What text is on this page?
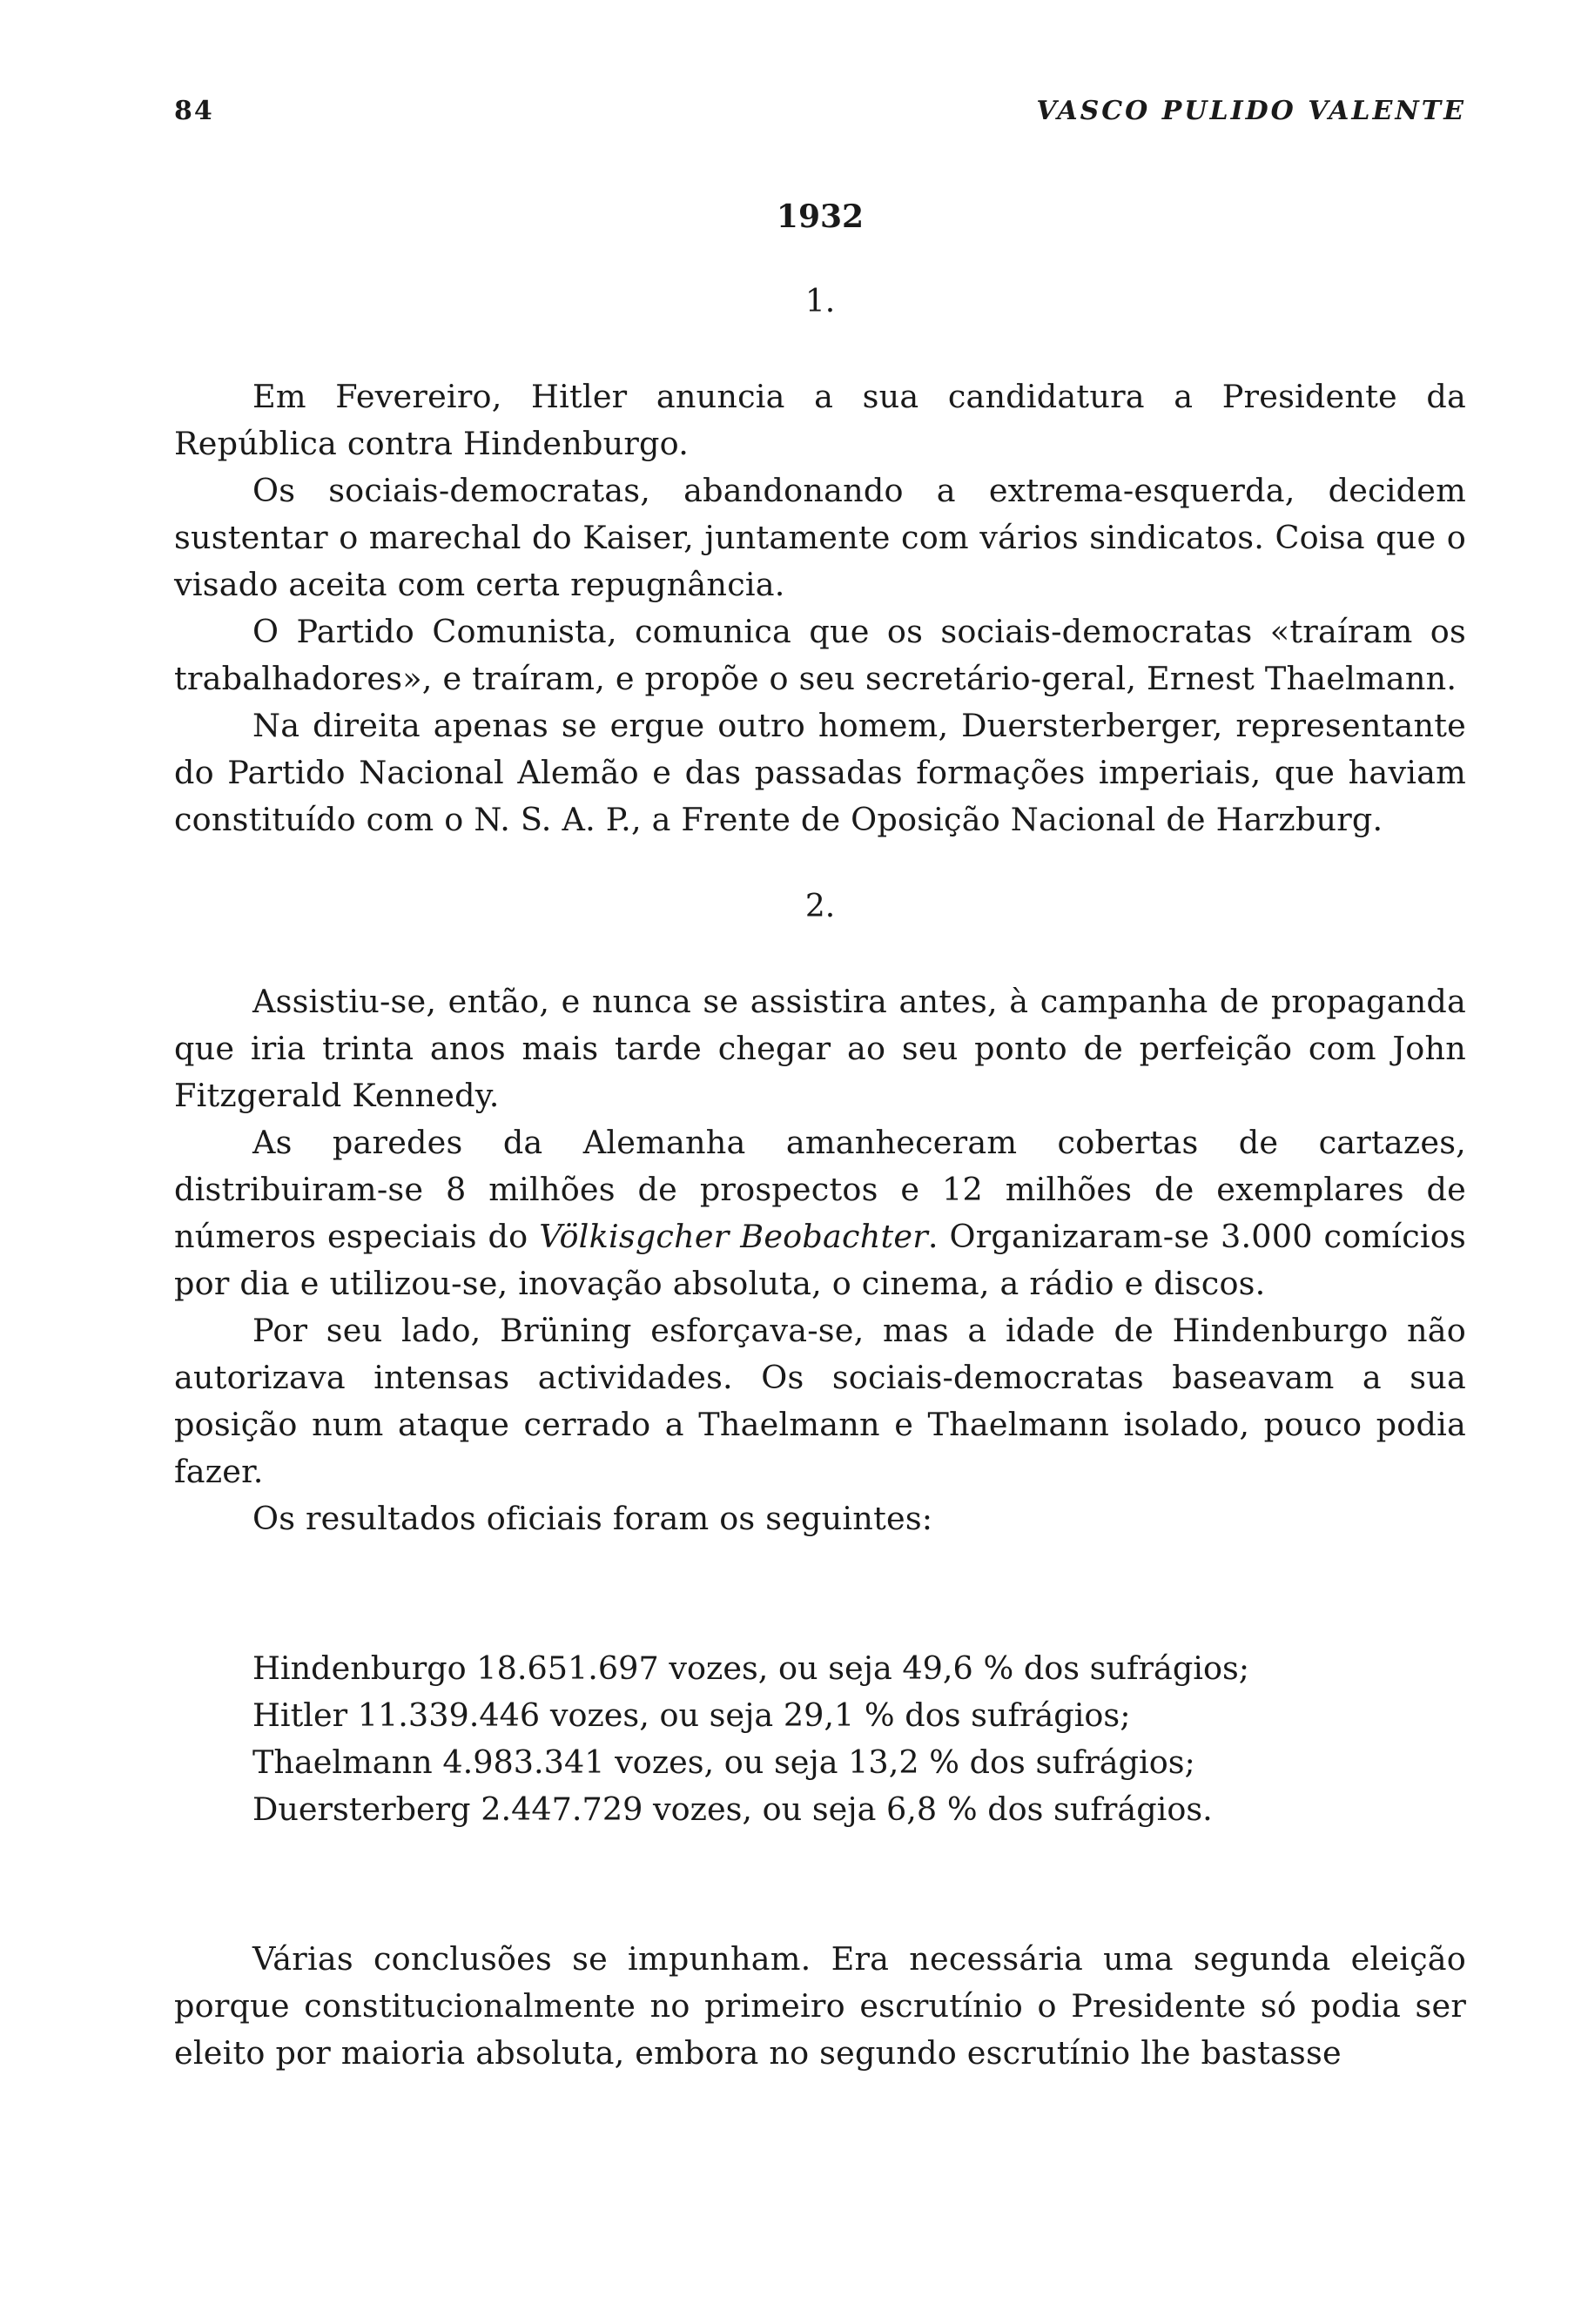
84	VASCO PULIDO VALENTE
1932
1.

Em Fevereiro, Hitler anuncia a sua candidatura a Presidente da República contra Hindenburgo.

Os sociais-democratas, abandonando a extrema-esquerda, decidem sustentar o marechal do Kaiser, juntamente com vários sindicatos. Coisa que o visado aceita com certa repugnância.

O Partido Comunista, comunica que os sociais-democratas «traíram os trabalhadores», e traíram, e propõe o seu secretário-geral, Ernest Thaelmann.

Na direita apenas se ergue outro homem, Duersterberger, representante do Partido Nacional Alemão e das passadas formações imperiais, que haviam constituído com o N. S. A. P., a Frente de Oposição Nacional de Harzburg.

2.

Assistiu-se, então, e nunca se assistira antes, à campanha de propaganda que iria trinta anos mais tarde chegar ao seu ponto de perfeição com John Fitzgerald Kennedy.

As paredes da Alemanha amanheceram cobertas de cartazes, distribuiram-se 8 milhões de prospectos e 12 milhões de exemplares de números especiais do Völkisgcher Beobachter. Organizaram-se 3.000 comícios por dia e utilizou-se, inovação absoluta, o cinema, a rádio e discos.

Por seu lado, Brüning esforçava-se, mas a idade de Hindenburgo não autorizava intensas actividades. Os sociais-democratas baseavam a sua posição num ataque cerrado a Thaelmann e Thaelmann isolado, pouco podia fazer.

Os resultados oficiais foram os seguintes:

Hindenburgo 18.651.697 vozes, ou seja 49,6 % dos sufrágios;
Hitler 11.339.446 vozes, ou seja 29,1 % dos sufrágios;
Thaelmann 4.983.341 vozes, ou seja 13,2 % dos sufrágios;
Duersterberg 2.447.729 vozes, ou seja 6,8 % dos sufrágios.

Várias conclusões se impunham. Era necessária uma segunda eleição porque constitucionalmente no primeiro escrutínio o Presidente só podia ser eleito por maioria absoluta, embora no segundo escrutínio lhe bastasse
